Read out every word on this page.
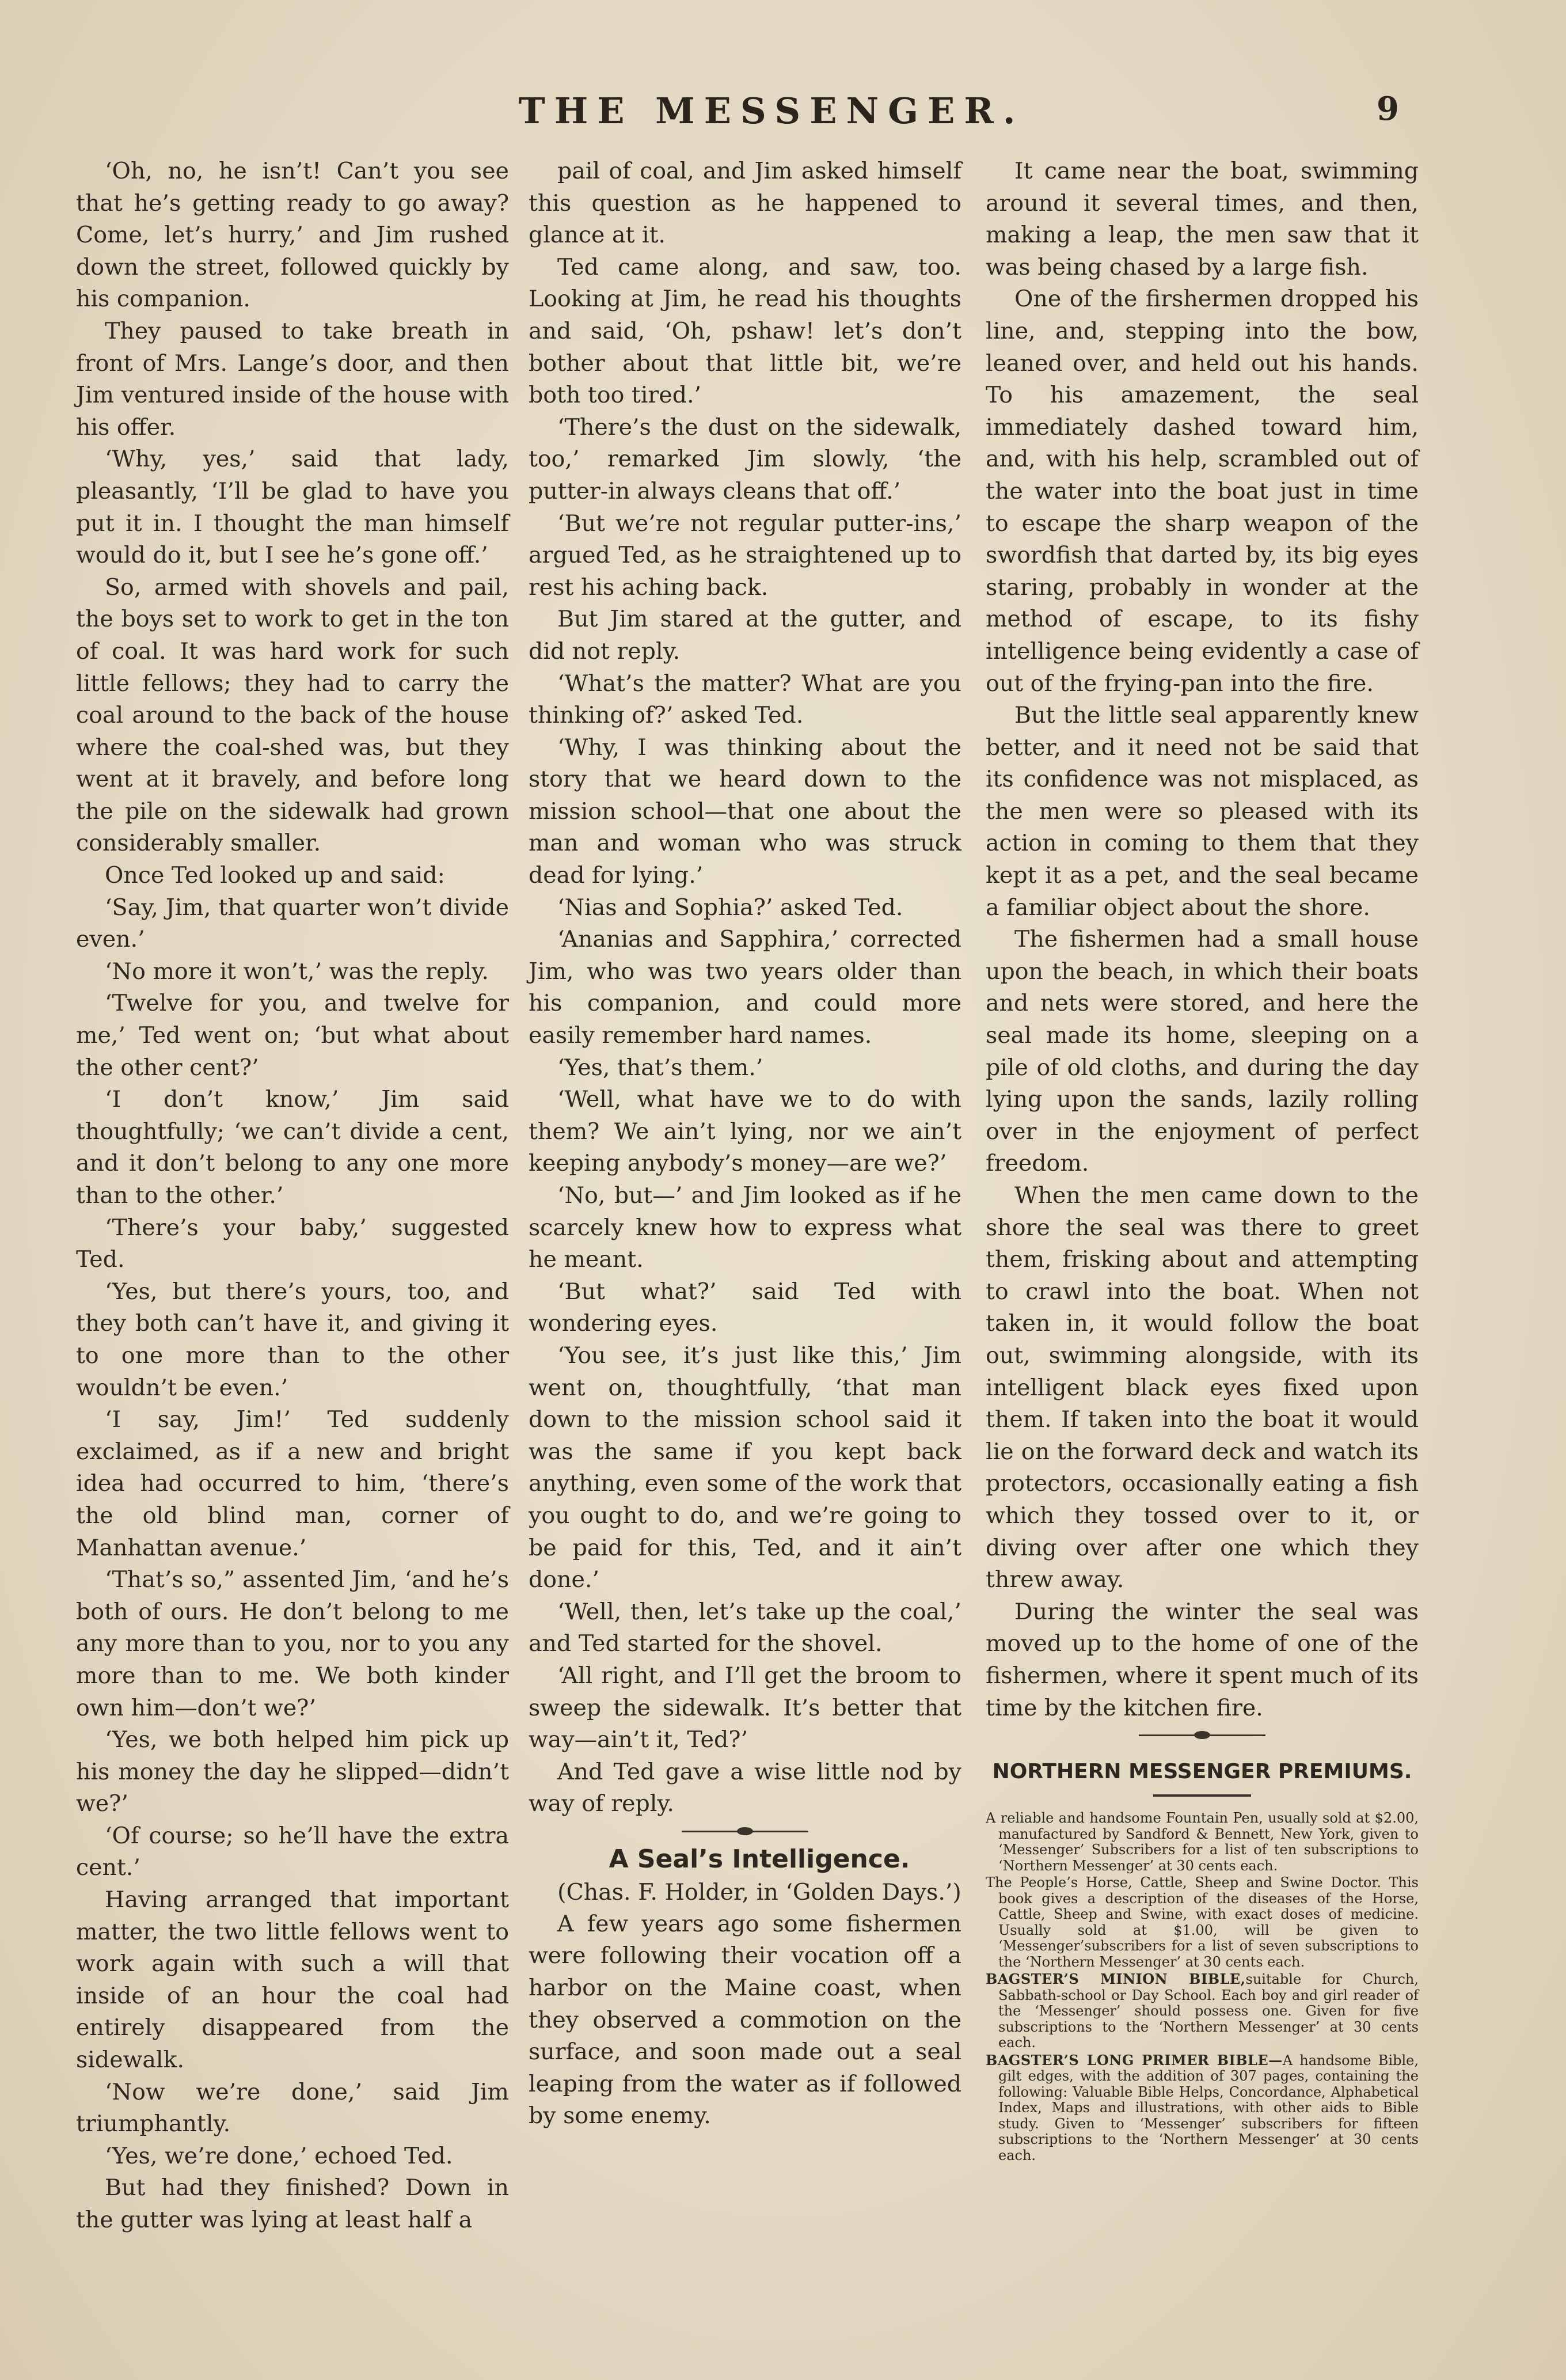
THE MESSENGER.	9

‘Oh, no, he isn’t! Can’t you see that he’s getting ready to go away? Come, let’s hurry,’ and Jim rushed down the street, followed quickly by his companion.

They paused to take breath in front of Mrs. Lange’s door, and then Jim ventured inside of the house with his offer.

‘Why, yes,’ said that lady, pleasantly, ‘I’ll be glad to have you put it in. I thought the man himself would do it, but I see he’s gone off.’

So, armed with shovels and pail, the boys set to work to get in the ton of coal. It was hard work for such little fellows; they had to carry the coal around to the back of the house where the coal-shed was, but they went at it bravely, and before long the pile on the sidewalk had grown considerably smaller.

Once Ted looked up and said:

‘Say, Jim, that quarter won’t divide even.’

‘No more it won’t,’ was the reply.

‘Twelve for you, and twelve for me,’ Ted went on; ‘but what about the other cent?’

‘I don’t know,’ Jim said thoughtfully; ‘we can’t divide a cent, and it don’t belong to any one more than to the other.’

‘There’s your baby,’ suggested Ted.

‘Yes, but there’s yours, too, and they both can’t have it, and giving it to one more than to the other wouldn’t be even.’

‘I say, Jim!’ Ted suddenly exclaimed, as if a new and bright idea had occurred to him, ‘there’s the old blind man, corner of Manhattan avenue.’

‘That’s so,” assented Jim, ‘and he’s both of ours. He don’t belong to me any more than to you, nor to you any more than to me. We both kinder own him—don’t we?’

‘Yes, we both helped him pick up his money the day he slipped—didn’t we?’

‘Of course; so he’ll have the extra cent.’

Having arranged that important matter, the two little fellows went to work again with such a will that inside of an hour the coal had entirely disappeared from the sidewalk.

‘Now we’re done,’ said Jim triumphantly.

‘Yes, we’re done,’ echoed Ted.

But had they finished? Down in the gutter was lying at least half a

pail of coal, and Jim asked himself this question as he happened to glance at it.

Ted came along, and saw, too. Looking at Jim, he read his thoughts and said, ‘Oh, pshaw! let’s don’t bother about that little bit, we’re both too tired.’

‘There’s the dust on the sidewalk, too,’ remarked Jim slowly, ‘the putter-in always cleans that off.’

‘But we’re not regular putter-ins,’ argued Ted, as he straightened up to rest his aching back.

But Jim stared at the gutter, and did not reply.

‘What’s the matter? What are you thinking of?’ asked Ted.

‘Why, I was thinking about the story that we heard down to the mission school—that one about the man and woman who was struck dead for lying.’

‘Nias and Sophia?’ asked Ted.

‘Ananias and Sapphira,’ corrected Jim, who was two years older than his companion, and could more easily remember hard names.

‘Yes, that’s them.’

‘Well, what have we to do with them? We ain’t lying, nor we ain’t keeping anybody’s money—are we?’

‘No, but—’ and Jim looked as if he scarcely knew how to express what he meant.

‘But what?’ said Ted with wondering eyes.

‘You see, it’s just like this,’ Jim went on, thoughtfully, ‘that man down to the mission school said it was the same if you kept back anything, even some of the work that you ought to do, and we’re going to be paid for this, Ted, and it ain’t done.’

‘Well, then, let’s take up the coal,’ and Ted started for the shovel.

‘All right, and I’ll get the broom to sweep the sidewalk. It’s better that way—ain’t it, Ted?’

And Ted gave a wise little nod by way of reply.

A Seal’s Intelligence.

(Chas. F. Holder, in ‘Golden Days.’)

A few years ago some fishermen were following their vocation off a harbor on the Maine coast, when they observed a commotion on the surface, and soon made out a seal leaping from the water as if followed by some enemy.

It came near the boat, swimming around it several times, and then, making a leap, the men saw that it was being chased by a large fish.

One of the firshermen dropped his line, and, stepping into the bow, leaned over, and held out his hands. To his amazement, the seal immediately dashed toward him, and, with his help, scrambled out of the water into the boat just in time to escape the sharp weapon of the swordfish that darted by, its big eyes staring, probably in wonder at the method of escape, to its fishy intelligence being evidently a case of out of the frying-pan into the fire.

But the little seal apparently knew better, and it need not be said that its confidence was not misplaced, as the men were so pleased with its action in coming to them that they kept it as a pet, and the seal became a familiar object about the shore.

The fishermen had a small house upon the beach, in which their boats and nets were stored, and here the seal made its home, sleeping on a pile of old cloths, and during the day lying upon the sands, lazily rolling over in the enjoyment of perfect freedom.

When the men came down to the shore the seal was there to greet them, frisking about and attempting to crawl into the boat. When not taken in, it would follow the boat out, swimming alongside, with its intelligent black eyes fixed upon them. If taken into the boat it would lie on the forward deck and watch its protectors, occasionally eating a fish which they tossed over to it, or diving over after one which they threw away.

During the winter the seal was moved up to the home of one of the fishermen, where it spent much of its time by the kitchen fire.

NORTHERN MESSENGER PREMIUMS.
A reliable and handsome Fountain Pen, usually sold at $2.00, manufactured by Sandford & Bennett, New York, given to ‘Messenger’ Subscribers for a list of ten subscriptions to ‘Northern Messenger’ at 30 cents each.
The People’s Horse, Cattle, Sheep and Swine Doctor. This book gives a description of the diseases of the Horse, Cattle, Sheep and Swine, with exact doses of medicine. Usually sold at $1.00, will be given to ‘Messenger’subscribers for a list of seven subscriptions to the ‘Northern Messenger’ at 30 cents each.
BAGSTER’S MINION BIBLE,suitable for Church, Sabbath-school or Day School. Each boy and girl reader of the ‘Messenger’ should possess one. Given for five subscriptions to the ‘Northern Messenger’ at 30 cents each.
BAGSTER’S LONG PRIMER BIBLE—A handsome Bible, gilt edges, with the addition of 307 pages, containing the following: Valuable Bible Helps, Concordance, Alphabetical Index, Maps and illustrations, with other aids to Bible study. Given to ‘Messenger’ subscribers for fifteen subscriptions to the ‘Northern Messenger’ at 30 cents each.
